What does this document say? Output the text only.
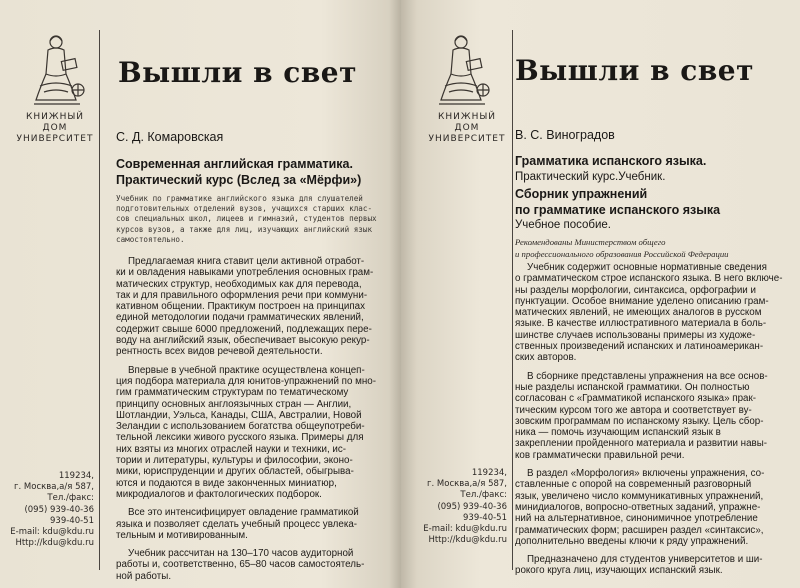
КНИЖНЫЙ
ДОМ
УНИВЕРСИТЕТ
119234,
г. Москва,а/я 587,
Тел./факс:
(095) 939-40-36
939-40-51
E-mail: kdu@kdu.ru
Http://kdu@kdu.ru
Вышли в свет
С. Д. Комаровская
Современная английская грамматика.
Практический курс (Вслед за «Мёрфи»)
Учебник по грамматике английского языка для слушателей
подготовительных отделений вузов, учащихся старших клас-
сов специальных школ, лицеев и гимназий, студентов первых
курсов вузов, а также для лиц, изучающих английский язык
самостоятельно.

Предлагаемая книга ставит цели активной отработ-
ки и овладения навыками употребления основных грам-
матических структур, необходимых как для перевода,
так и для правильного оформления речи при коммуни-
кативном общении. Практикум построен на принципах
единой методологии подачи грамматических явлений,
содержит свыше 6000 предложений, подлежащих пере-
воду на английский язык, обеспечивает высокую рекур-
рентность всех видов речевой деятельности.

Впервые в учебной практике осуществлена концеп-
ция подбора материала для юнитов-упражнений по мно-
гим грамматическим структурам по тематическому
принципу основных англоязычных стран — Англии,
Шотландии, Уэльса, Канады, США, Австралии, Новой
Зеландии с использованием богатства общеупотреби-
тельной лексики живого русского языка. Примеры для
них взяты из многих отраслей науки и техники, ис-
тории и литературы, культуры и философии, эконо-
мики, юриспруденции и других областей, обыгрыва-
ются и подаются в виде законченных миниатюр,
микродиалогов и фактологических подборок.

Все это интенсифицирует овладение грамматикой
языка и позволяет сделать учебный процесс увлека-
тельным и мотивированным.

Учебник рассчитан на 130–170 часов аудиторной
работы и, соответственно, 65–80 часов самостоятель-
ной работы.

КНИЖНЫЙ
ДОМ
УНИВЕРСИТЕТ
119234,
г. Москва,а/я 587,
Тел./факс:
(095) 939-40-36
939-40-51
E-mail: kdu@kdu.ru
Http://kdu@kdu.ru
Вышли в свет
В. С. Виноградов
Грамматика испанского языка.
Практический курс.Учебник.
Сборник упражнений
по грамматике испанского языка
Учебное пособие.
Рекомендованы Министерством общего
и профессионального образования Российской Федерации

Учебник содержит основные нормативные сведения
о грамматическом строе испанского языка. В него включе-
ны разделы морфологии, синтаксиса, орфографии и
пунктуации. Особое внимание уделено описанию грам-
матических явлений, не имеющих аналогов в русском
языке. В качестве иллюстративного материала в боль-
шинстве случаев использованы примеры из художе-
ственных произведений испанских и латиноамерикан-
ских авторов.

В сборнике представлены упражнения на все основ-
ные разделы испанской грамматики. Он полностью
согласован с «Грамматикой испанского языка» прак-
тическим курсом того же автора и соответствует ву-
зовским программам по испанскому языку. Цель сбор-
ника — помочь изучающим испанский язык в
закреплении пройденного материала и развитии навы-
ков грамматически правильной речи.

В раздел «Морфология» включены упражнения, со-
ставленные с опорой на современный разговорный
язык, увеличено число коммуникативных упражнений,
минидиалогов, вопросно-ответных заданий, упражне-
ний на альтернативное, синонимичное употребление
грамматических форм; расширен раздел «синтаксис»,
дополнительно введены ключи к ряду упражнений.

Предназначено для студентов университетов и ши-
рокого круга лиц, изучающих испанский язык.
